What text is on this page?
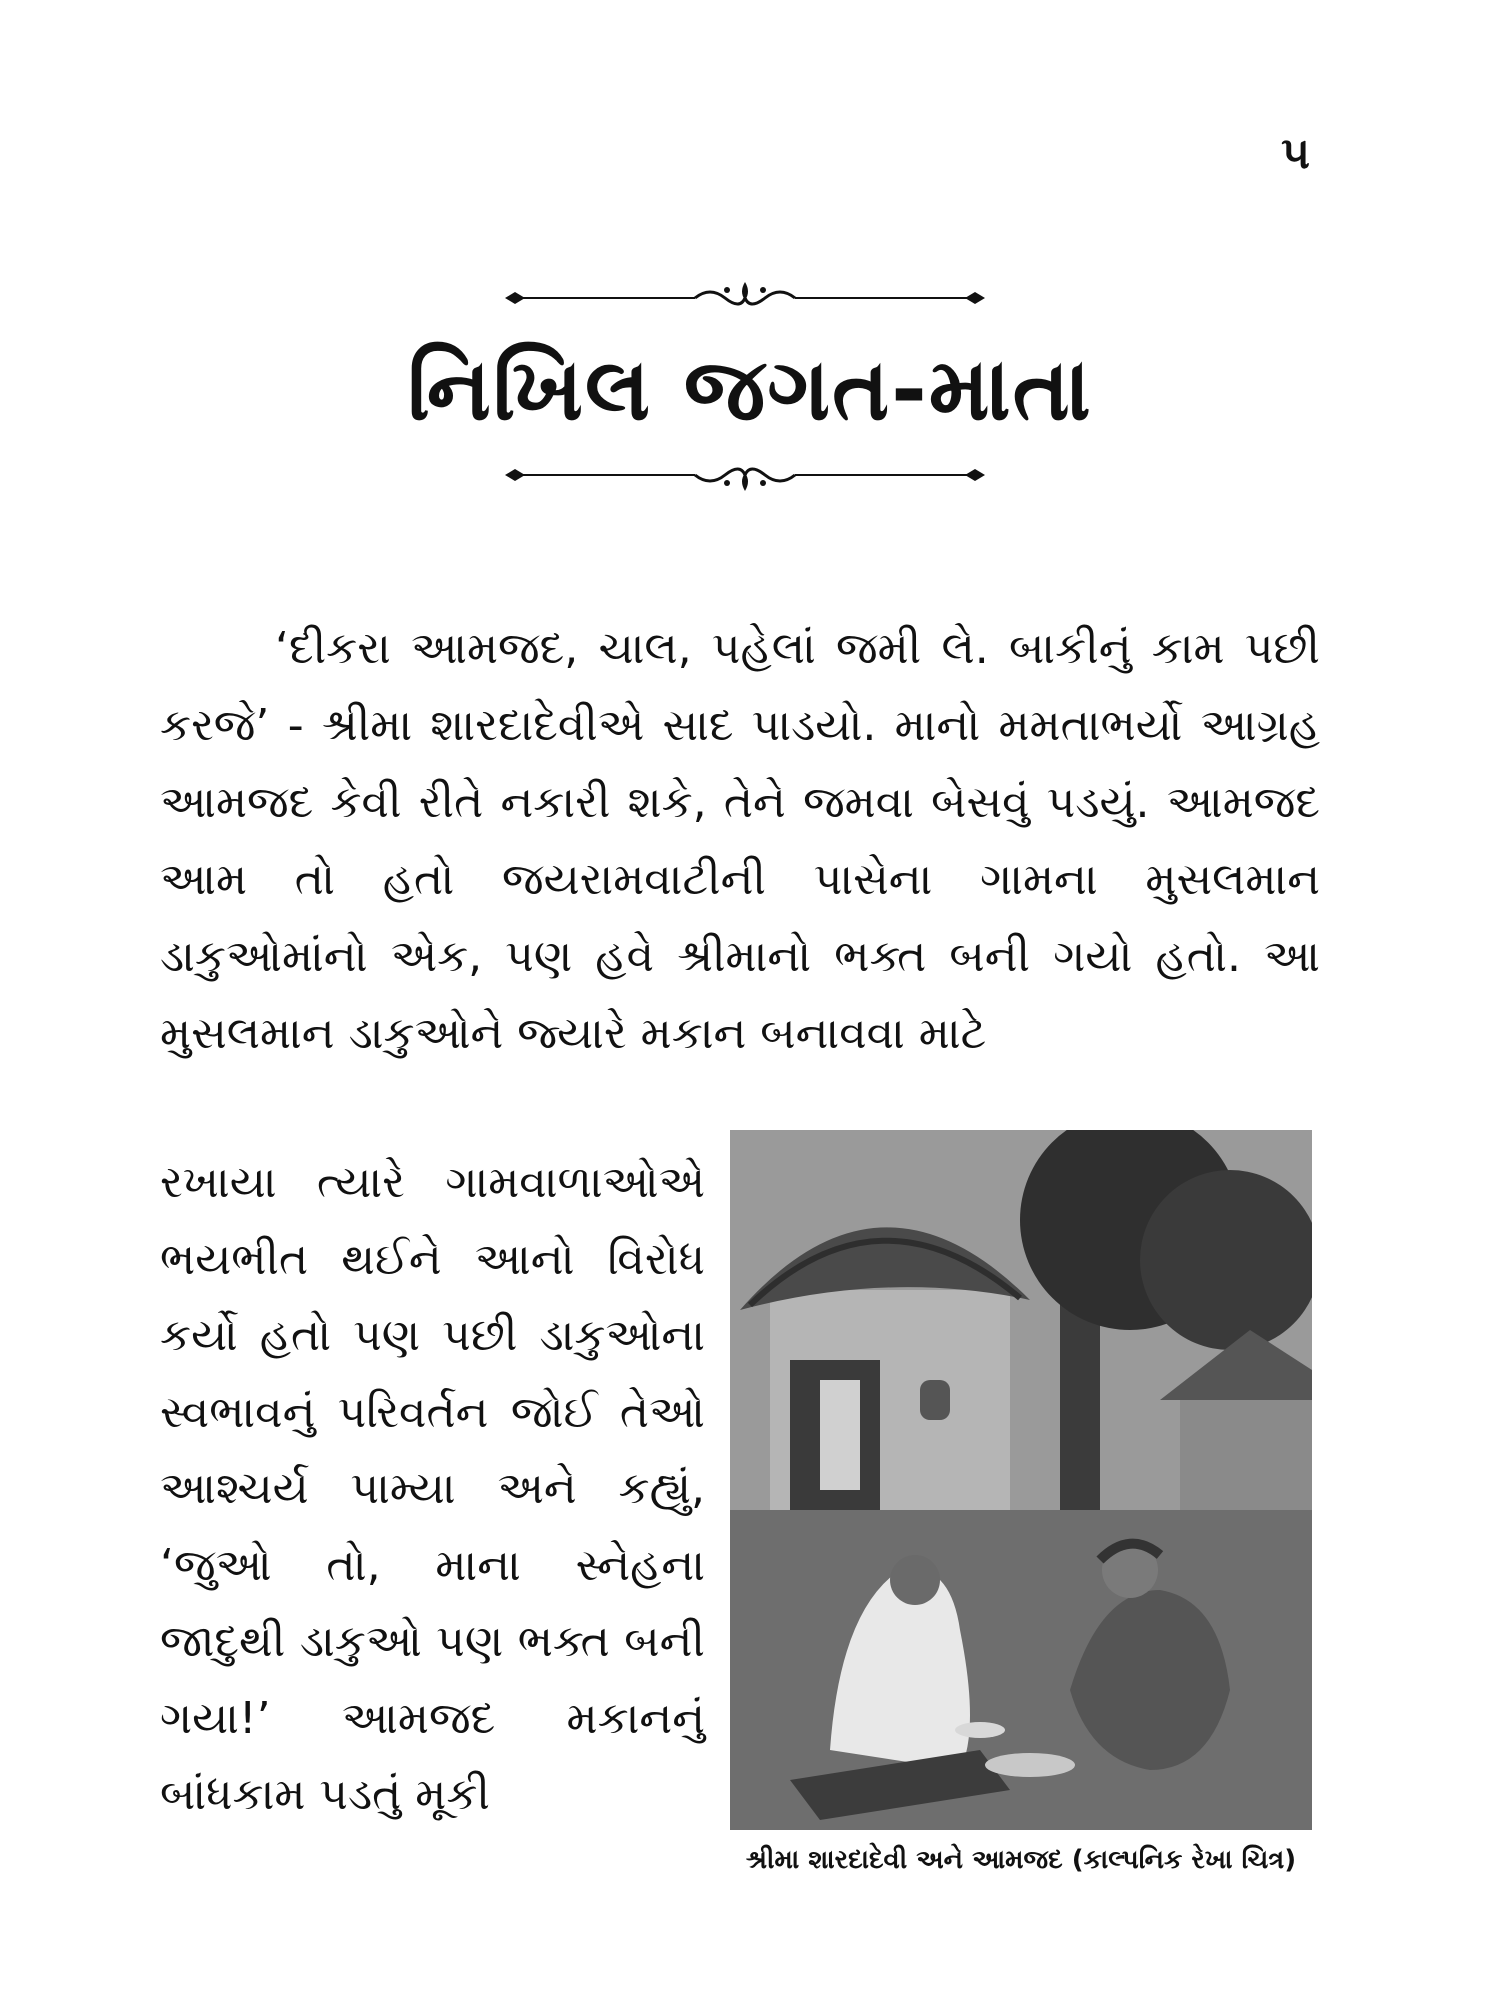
૫
નિખિલ જગત-માતા
‘દીકરા આમજદ, ચાલ, પહેલાં જમી લે. બાકીનું કામ પછી કરજે’ - શ્રીમા શારદાદેવીએ સાદ પાડયો. માનો મમતાભર્યો આગ્રહ આમજદ કેવી રીતે નકારી શકે, તેને જમવા બેસવું પડયું. આમજદ આમ તો હતો જયરામવાટીની પાસેના ગામના મુસલમાન ડાકુઓમાંનો એક, પણ હવે શ્રીમાનો ભક્ત બની ગયો હતો. આ મુસલમાન ડાકુઓને જ્યારે મકાન બનાવવા માટે
રખાયા ત્યારે ગામવાળાઓએ ભયભીત થઈને આનો વિરોધ કર્યો હતો પણ પછી ડાકુઓના સ્વભાવનું પરિવર્તન જોઈ તેઓ આશ્ચર્ય પામ્યા અને કહ્યું, ‘જુઓ તો, માના સ્નેહના જાદુથી ડાકુઓ પણ ભક્ત બની ગયા!’ આમજદ મકાનનું બાંધકામ પડતું મૂકી
શ્રીમા શારદાદેવી અને આમજદ (કાલ્પનિક રેખા ચિત્ર)
